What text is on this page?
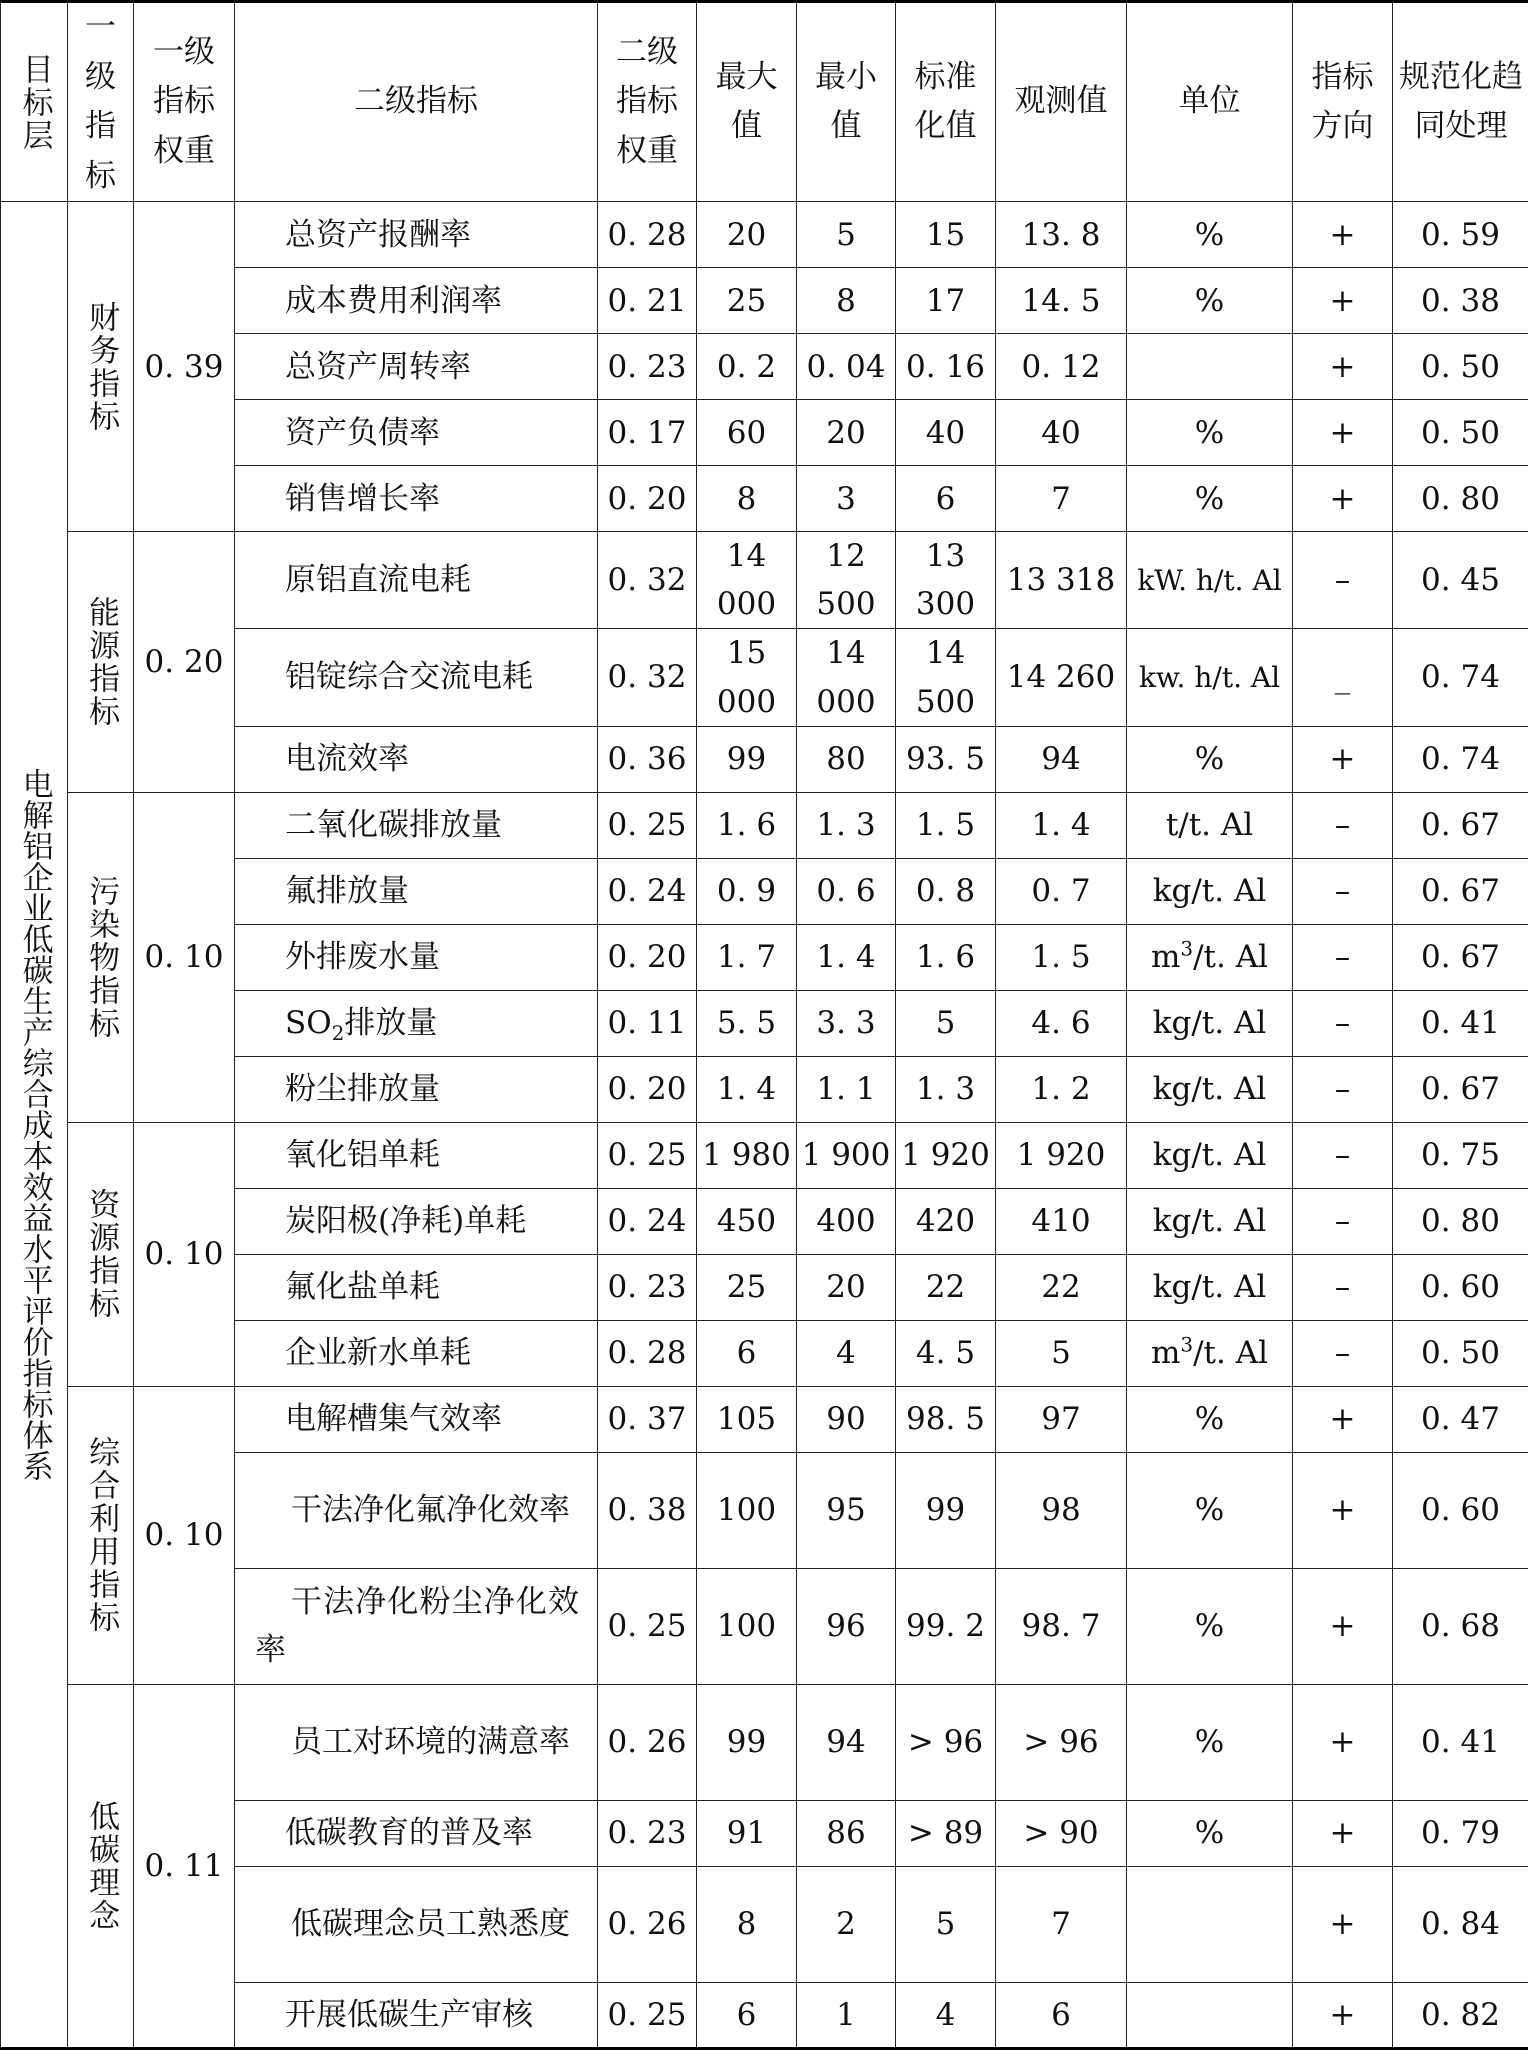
目标层	一级指标	一级指标权重	二级指标	二级指标权重	最大值	最小值	标准化值	观测值	单位	指标方向	规范化趋同处理

电解铝企业低碳生产综合成本效益水平评价指标体系	财务指标	0. 39	总资产报酬率	0. 28	20	5	15	13. 8	%	+	0. 59
			成本费用利润率	0. 21	25	8	17	14. 5	%	+	0. 38
			总资产周转率	0. 23	0. 2	0. 04	0. 16	0. 12		+	0. 50
			资产负债率	0. 17	60	20	40	40	%	+	0. 50
			销售增长率	0. 20	8	3	6	7	%	+	0. 80

	能源指标	0. 20	原铝直流电耗	0. 32	14 000	12 500	13 300	13 318	kW. h/t. Al	–	0. 45
			铝锭综合交流电耗	0. 32	15 000	14 000	14 500	14 260	kw. h/t. Al	_	0. 74
			电流效率	0. 36	99	80	93. 5	94	%	+	0. 74

	污染物指标	0. 10	二氧化碳排放量	0. 25	1. 6	1. 3	1. 5	1. 4	t/t. Al	–	0. 67
			氟排放量	0. 24	0. 9	0. 6	0. 8	0. 7	kg/t. Al	–	0. 67
			外排废水量	0. 20	1. 7	1. 4	1. 6	1. 5	$m^3/t$. Al	–	0. 67
			$SO_2$排放量	0. 11	5. 5	3. 3	5	4. 6	kg/t. Al	–	0. 41
			粉尘排放量	0. 20	1. 4	1. 1	1. 3	1. 2	kg/t. Al	–	0. 67

	资源指标	0. 10	氧化铝单耗	0. 25	1 980	1 900	1 920	1 920	kg/t. Al	–	0. 75
			炭阳极(净耗)单耗	0. 24	450	400	420	410	kg/t. Al	–	0. 80
			氟化盐单耗	0. 23	25	20	22	22	kg/t. Al	–	0. 60
			企业新水单耗	0. 28	6	4	4. 5	5	$m^3/t$. Al	–	0. 50

	综合利用指标	0. 10	电解槽集气效率	0. 37	105	90	98. 5	97	%	+	0. 47
			干法净化氟净化效率	0. 38	100	95	99	98	%	+	0. 60
			干法净化粉尘净化效率	0. 25	100	96	99. 2	98. 7	%	+	0. 68

	低碳理念	0. 11	员工对环境的满意率	0. 26	99	94	> 96	> 96	%	+	0. 41
			低碳教育的普及率	0. 23	91	86	> 89	> 90	%	+	0. 79
			低碳理念员工熟悉度	0. 26	8	2	5	7		+	0. 84
			开展低碳生产审核	0. 25	6	1	4	6		+	0. 82
